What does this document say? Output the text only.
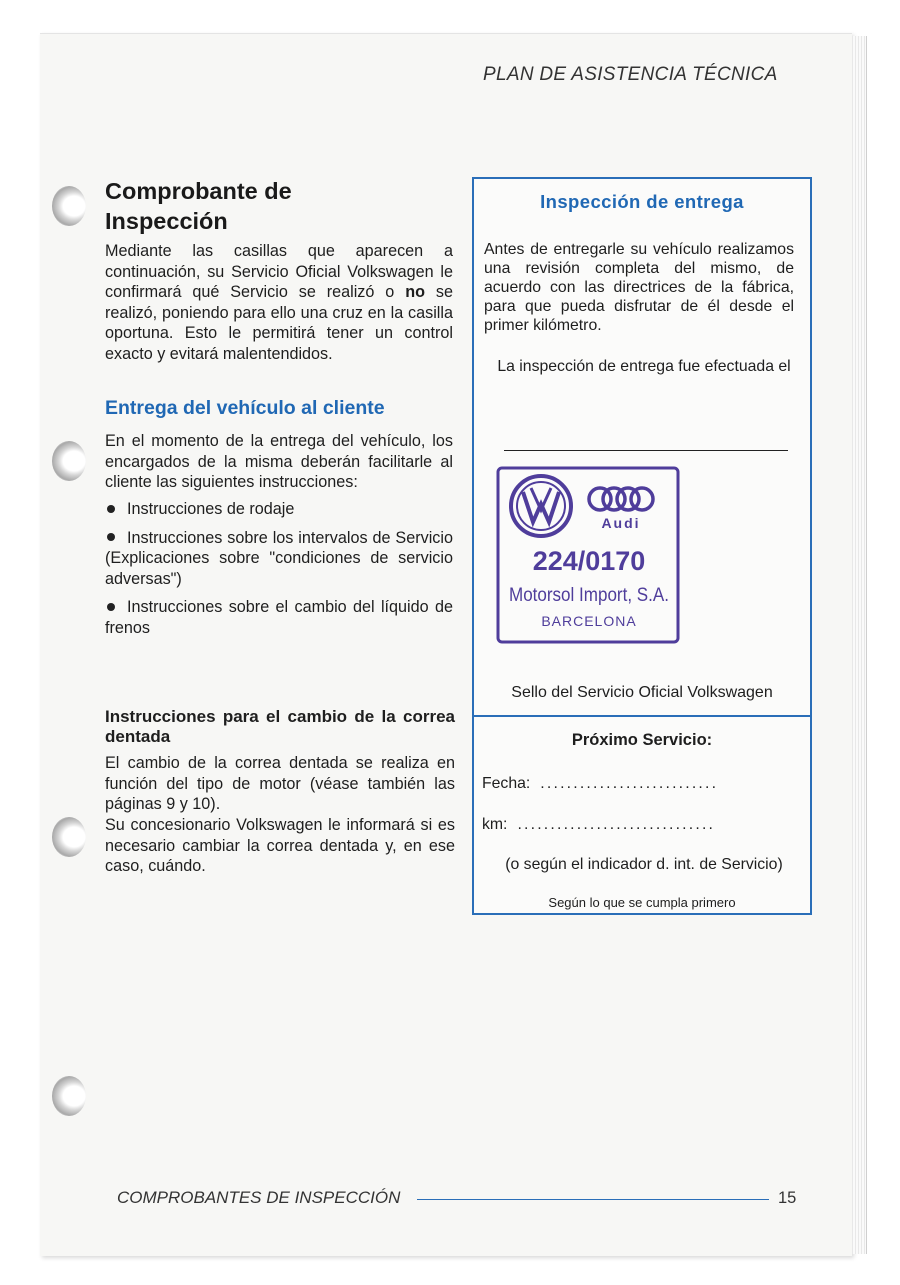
PLAN DE ASISTENCIA TÉCNICA
Comprobante de Inspección

Mediante las casillas que aparecen a continuación, su Servicio Oficial Volkswagen le confirmará qué Servicio se realizó o no se realizó, poniendo para ello una cruz en la casilla oportuna. Esto le permitirá tener un control exacto y evitará malentendidos.

Entrega del vehículo al cliente

En el momento de la entrega del vehículo, los encargados de la misma deberán facilitarle al cliente las siguientes instrucciones:

Instrucciones de rodaje
Instrucciones sobre los intervalos de Servicio (Explicaciones sobre "condiciones de servicio adversas")
Instrucciones sobre el cambio del líquido de frenos
Instrucciones para el cambio de la correa dentada

El cambio de la correa dentada se realiza en función del tipo de motor (véase también las páginas 9 y 10).

Su concesionario Volkswagen le informará si es necesario cambiar la correa dentada y, en ese caso, cuándo.

Inspección de entrega

Antes de entregarle su vehículo realizamos una revisión completa del mismo, de acuerdo con las directrices de la fábrica, para que pueda disfrutar de él desde el primer kilómetro.

La inspección de entrega fue efectuada el
Audi
224/0170
Motorsol Import, S.A.
BARCELONA
Sello del Servicio Oficial Volkswagen
Próximo Servicio:
Fecha: ...........................
km: ..............................
(o según el indicador d. int. de Servicio)
Según lo que se cumpla primero
COMPROBANTES DE INSPECCIÓN	15
